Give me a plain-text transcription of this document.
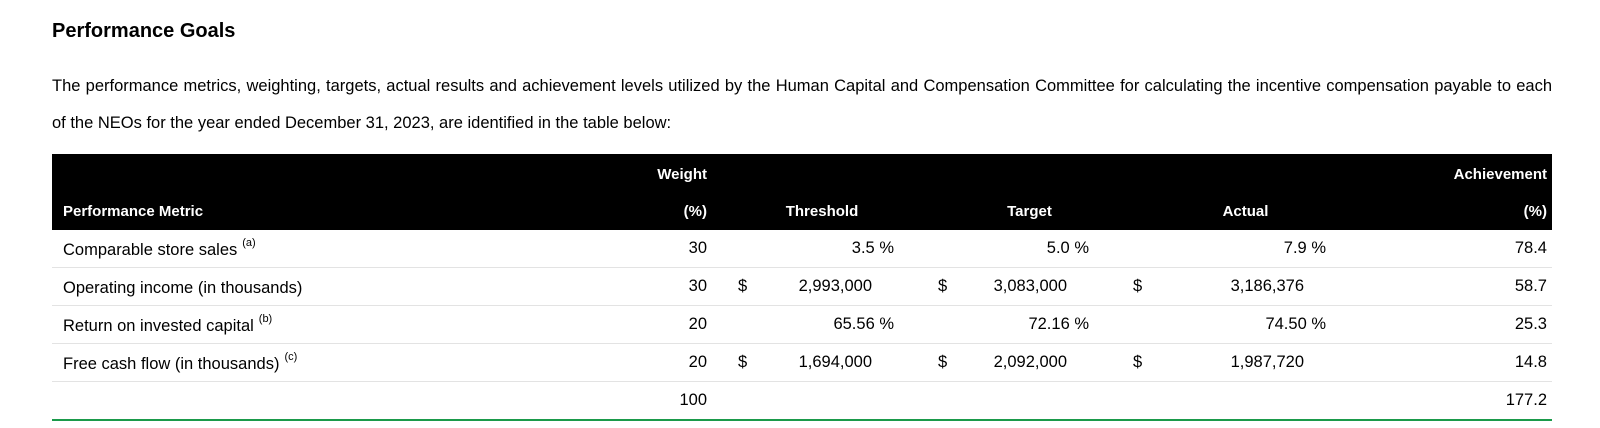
Performance Goals

The performance metrics, weighting, targets, actual results and achievement levels utilized by the Human Capital and Compensation Committee for calculating the incentive compensation payable to each of the NEOs for the year ended December 31, 2023, are identified in the table below:

	Weight							Achievement
Performance Metric	(%)	Threshold		Target		Actual		(%)
Comparable store sales $^{(a)}$	30		3.5 %		5.0 %		7.9 %	78.4
Operating income (in thousands)	30	$	2,993,000	$	3,083,000	$	3,186,376	58.7
Return on invested capital $^{(b)}$	20		65.56 %		72.16 %		74.50 %	25.3
Free cash flow (in thousands) $^{(c)}$	20	$	1,694,000	$	2,092,000	$	1,987,720	14.8
	100							177.2
